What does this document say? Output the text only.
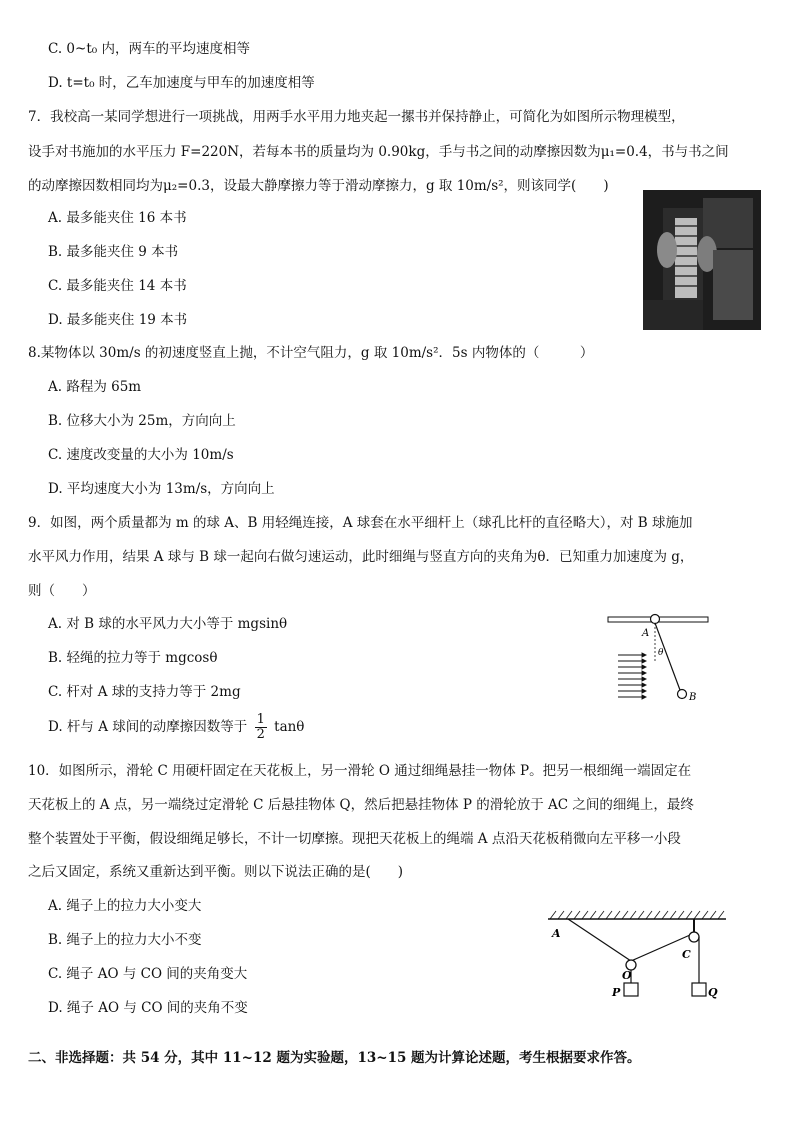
C. 0~t₀ 内，两车的平均速度相等
D. t=t₀ 时，乙车加速度与甲车的加速度相等
7．我校高一某同学想进行一项挑战，用两手水平用力地夹起一摞书并保持静止，可简化为如图所示物理模型，
设手对书施加的水平压力 F=220N，若每本书的质量均为 0.90kg，手与书之间的动摩擦因数为μ₁=0.4，书与书之间
的动摩擦因数相同均为μ₂=0.3，设最大静摩擦力等于滑动摩擦力，g 取 10m/s²，则该同学(　　)
A. 最多能夹住 16 本书
B. 最多能夹住 9 本书
C. 最多能夹住 14 本书
D. 最多能夹住 19 本书
8.某物体以 30m/s 的初速度竖直上抛，不计空气阻力，g 取 10m/s²．5s 内物体的（　　　）
A. 路程为 65m
B. 位移大小为 25m，方向向上
C. 速度改变量的大小为 10m/s
D. 平均速度大小为 13m/s，方向向上
9．如图，两个质量都为 m 的球 A、B 用轻绳连接，A 球套在水平细杆上（球孔比杆的直径略大），对 B 球施加
水平风力作用，结果 A 球与 B 球一起向右做匀速运动，此时细绳与竖直方向的夹角为θ．已知重力加速度为 g，
则（　　）
A. 对 B 球的水平风力大小等于 mgsinθ
B. 轻绳的拉力等于 mgcosθ
C. 杆对 A 球的支持力等于 2mg
D. 杆与 A 球间的动摩擦因数等于 $\frac{1}{2}$ tanθ
A
B
θ
10．如图所示，滑轮 C 用硬杆固定在天花板上，另一滑轮 O 通过细绳悬挂一物体 P。把另一根细绳一端固定在
天花板上的 A 点，另一端绕过定滑轮 C 后悬挂物体 Q，然后把悬挂物体 P 的滑轮放于 AC 之间的细绳上，最终
整个装置处于平衡，假设细绳足够长，不计一切摩擦。现把天花板上的绳端 A 点沿天花板稍微向左平移一小段
之后又固定，系统又重新达到平衡。则以下说法正确的是(　　)
A. 绳子上的拉力大小变大
B. 绳子上的拉力大小不变
C. 绳子 AO 与 CO 间的夹角变大
D. 绳子 AO 与 CO 间的夹角不变
A
C
O
P	Q
二、非选择题：共 54 分，其中 11~12 题为实验题，13~15 题为计算论述题，考生根据要求作答。
